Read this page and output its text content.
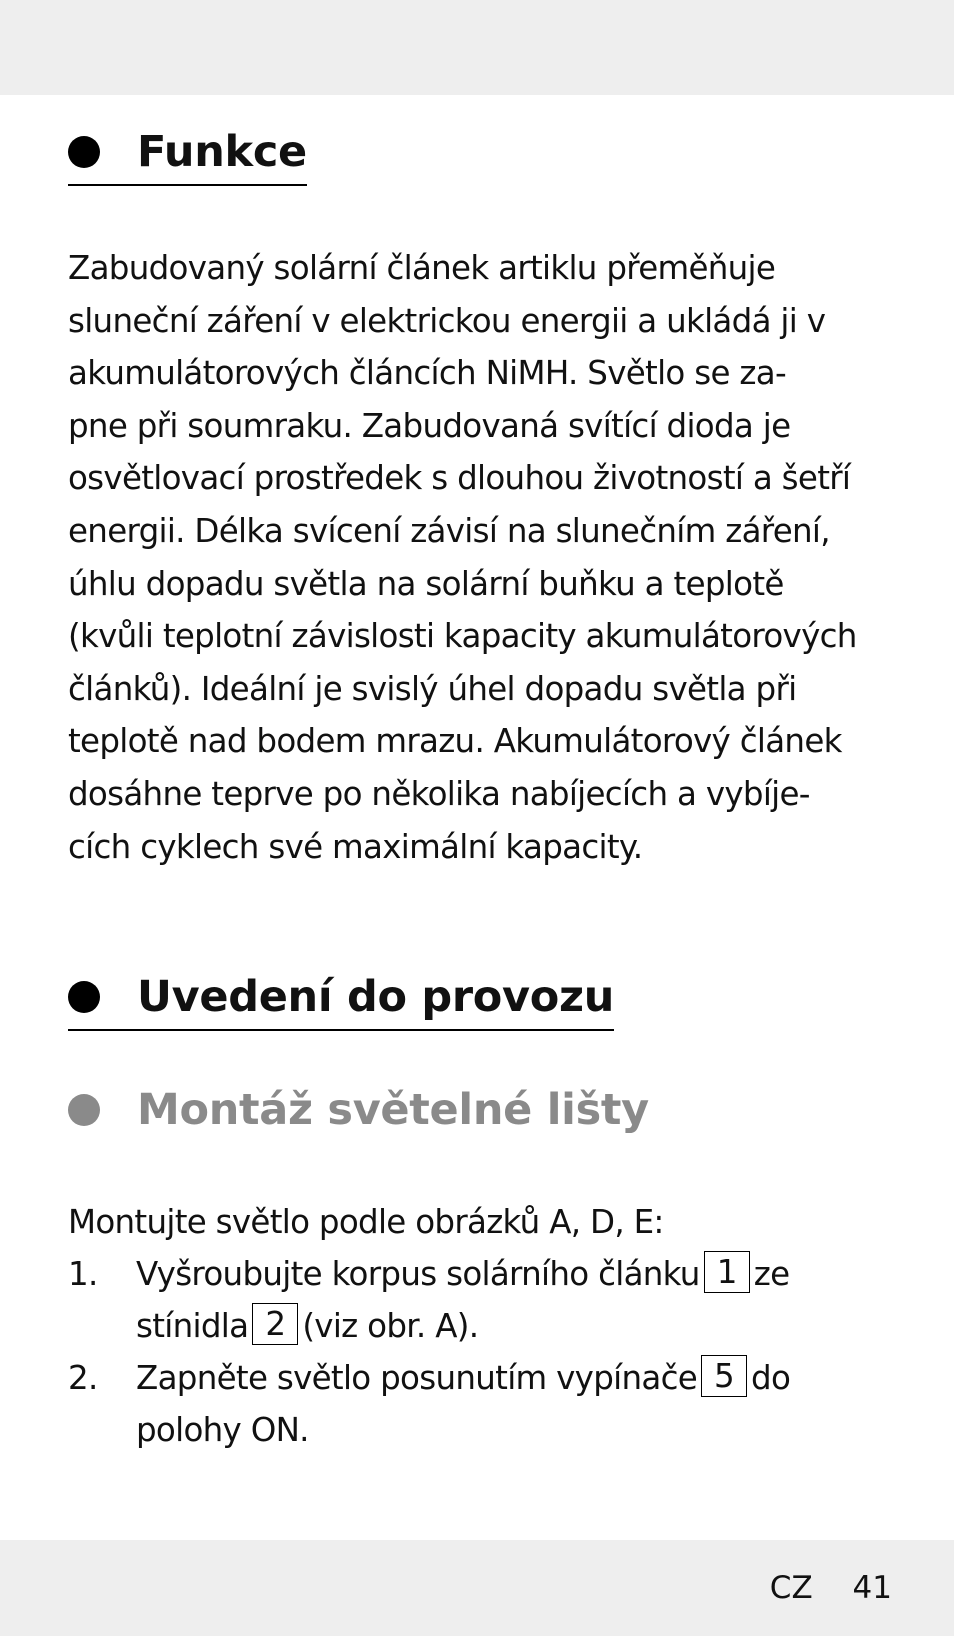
Funkce
Zabudovaný solární článek artiklu přeměňuje
sluneční záření v elektrickou energii a ukládá ji v
akumulátorových článcích NiMH. Světlo se za-
pne při soumraku. Zabudovaná svítící dioda je
osvětlovací prostředek s dlouhou životností a šetří
energii. Délka svícení závisí na slunečním záření,
úhlu dopadu světla na solární buňku a teplotě
(kvůli teplotní závislosti kapacity akumulátorových
článků). Ideální je svislý úhel dopadu světla při
teplotě nad bodem mrazu. Akumulátorový článek
dosáhne teprve po několika nabíjecích a vybíje-
cích cyklech své maximální kapacity.
Uvedení do provozu
Montáž světelné lišty
Montujte světlo podle obrázků A, D, E:
1. Vyšroubujte korpus solárního článku 1 ze
stínidla 2 (viz obr. A).
2. Zapněte světlo posunutím vypínače 5 do
polohy ON.
CZ 41
